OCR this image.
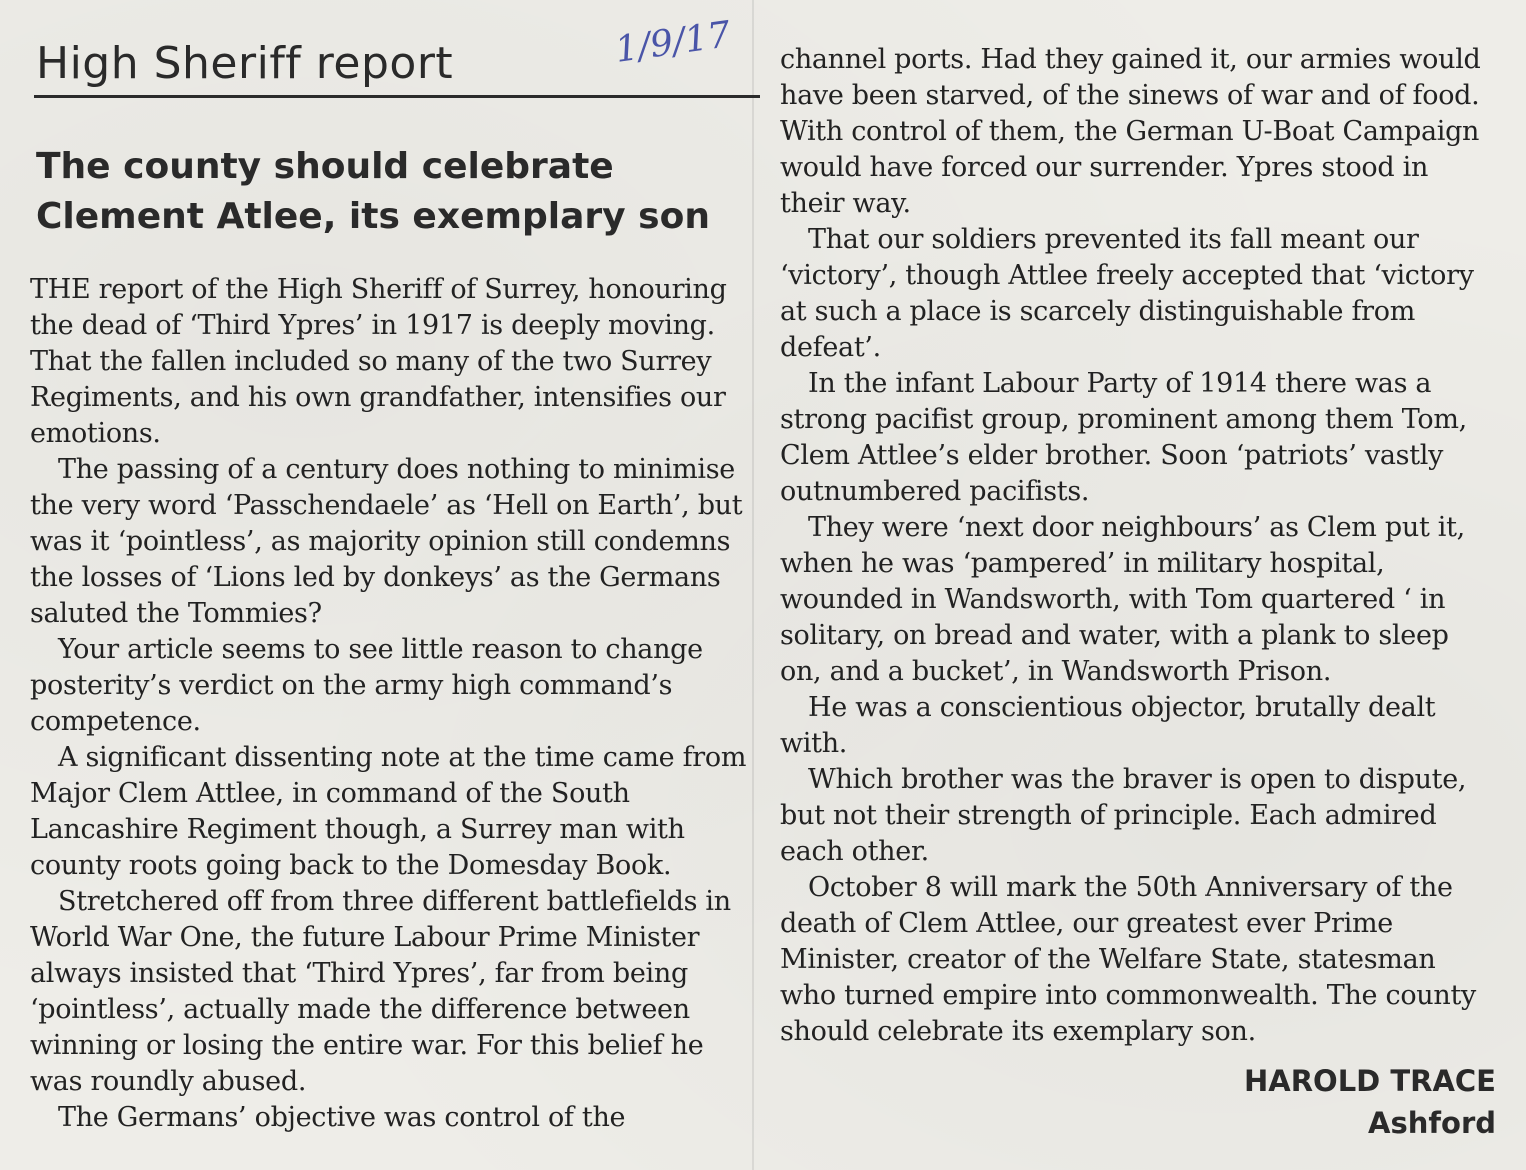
High Sheriff report	1/9/17
The county should celebrate Clement Atlee, its exemplary son

THE report of the High Sheriff of Surrey, honouring the dead of ‘Third Ypres’ in 1917 is deeply moving. That the fallen included so many of the two Surrey Regiments, and his own grandfather, intensifies our emotions.

The passing of a century does nothing to minimise the very word ‘Passchendaele’ as ‘Hell on Earth’, but was it ‘pointless’, as majority opinion still condemns the losses of ‘Lions led by donkeys’ as the Germans saluted the Tommies?

Your article seems to see little reason to change posterity’s verdict on the army high command’s competence.

A significant dissenting note at the time came from Major Clem Attlee, in command of the South Lancashire Regiment though, a Surrey man with county roots going back to the Domesday Book.

Stretchered off from three different battlefields in World War One, the future Labour Prime Minister always insisted that ‘Third Ypres’, far from being ‘pointless’, actually made the difference between winning or losing the entire war. For this belief he was roundly abused.

The Germans’ objective was control of the

channel ports. Had they gained it, our armies would have been starved, of the sinews of war and of food. With control of them, the German U-Boat Campaign would have forced our surrender. Ypres stood in their way.

That our soldiers prevented its fall meant our ‘victory’, though Attlee freely accepted that ‘victory at such a place is scarcely distinguishable from defeat’.

In the infant Labour Party of 1914 there was a strong pacifist group, prominent among them Tom, Clem Attlee’s elder brother. Soon ‘patriots’ vastly outnumbered pacifists.

They were ‘next door neighbours’ as Clem put it, when he was ‘pampered’ in military hospital, wounded in Wandsworth, with Tom quartered ‘ in solitary, on bread and water, with a plank to sleep on, and a bucket’, in Wandsworth Prison.

He was a conscientious objector, brutally dealt with.

Which brother was the braver is open to dispute, but not their strength of principle. Each admired each other.

October 8 will mark the 50th Anniversary of the death of Clem Attlee, our greatest ever Prime Minister, creator of the Welfare State, statesman who turned empire into commonwealth. The county should celebrate its exemplary son.

HAROLD TRACE
Ashford
